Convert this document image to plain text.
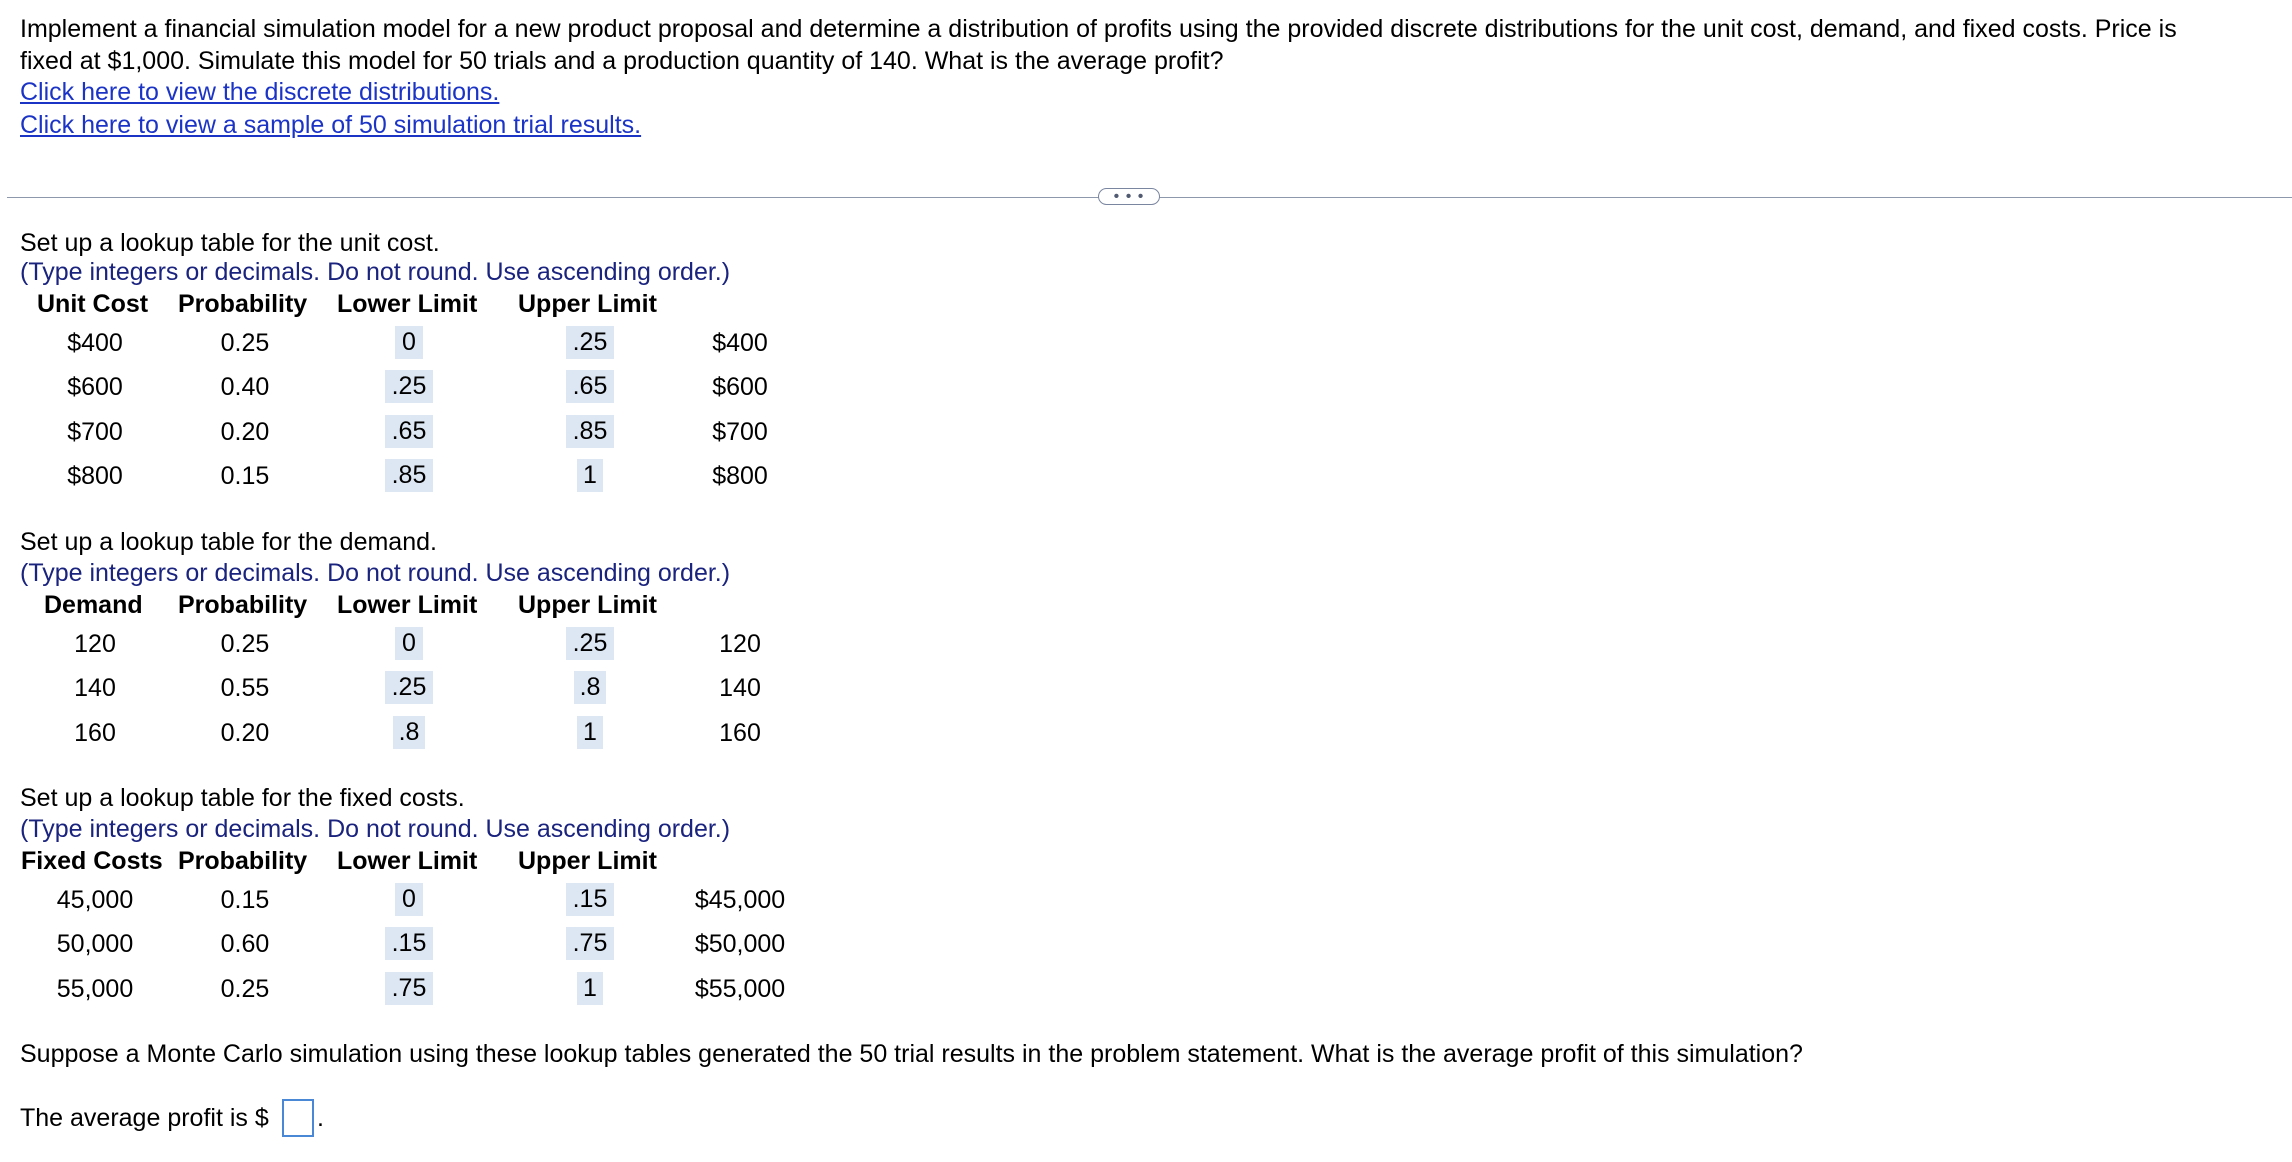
Implement a financial simulation model for a new product proposal and determine a distribution of profits using the provided discrete distributions for the unit cost, demand, and fixed costs. Price is
fixed at $1,000. Simulate this model for 50 trials and a production quantity of 140. What is the average profit?
Click here to view the discrete distributions.
Click here to view a sample of 50 simulation trial results.
• • •
Set up a lookup table for the unit cost.
(Type integers or decimals. Do not round. Use ascending order.)
Unit Cost Probability Lower Limit Upper Limit
$400	0.25	0	.25	$400
$600	0.40	.25	.65	$600
$700	0.20	.65	.85	$700
$800	0.15	.85	1	$800
Set up a lookup table for the demand.
(Type integers or decimals. Do not round. Use ascending order.)
Demand Probability Lower Limit Upper Limit
120	0.25	0	.25	120
140	0.55	.25	.8	140
160	0.20	.8	1	160
Set up a lookup table for the fixed costs.
(Type integers or decimals. Do not round. Use ascending order.)
Fixed Costs Probability Lower Limit Upper Limit
45,000	0.15	0	.15	$45,000
50,000	0.60	.15	.75	$50,000
55,000	0.25	.75	1	$55,000
Suppose a Monte Carlo simulation using these lookup tables generated the 50 trial results in the problem statement. What is the average profit of this simulation?
The average profit is $ .
